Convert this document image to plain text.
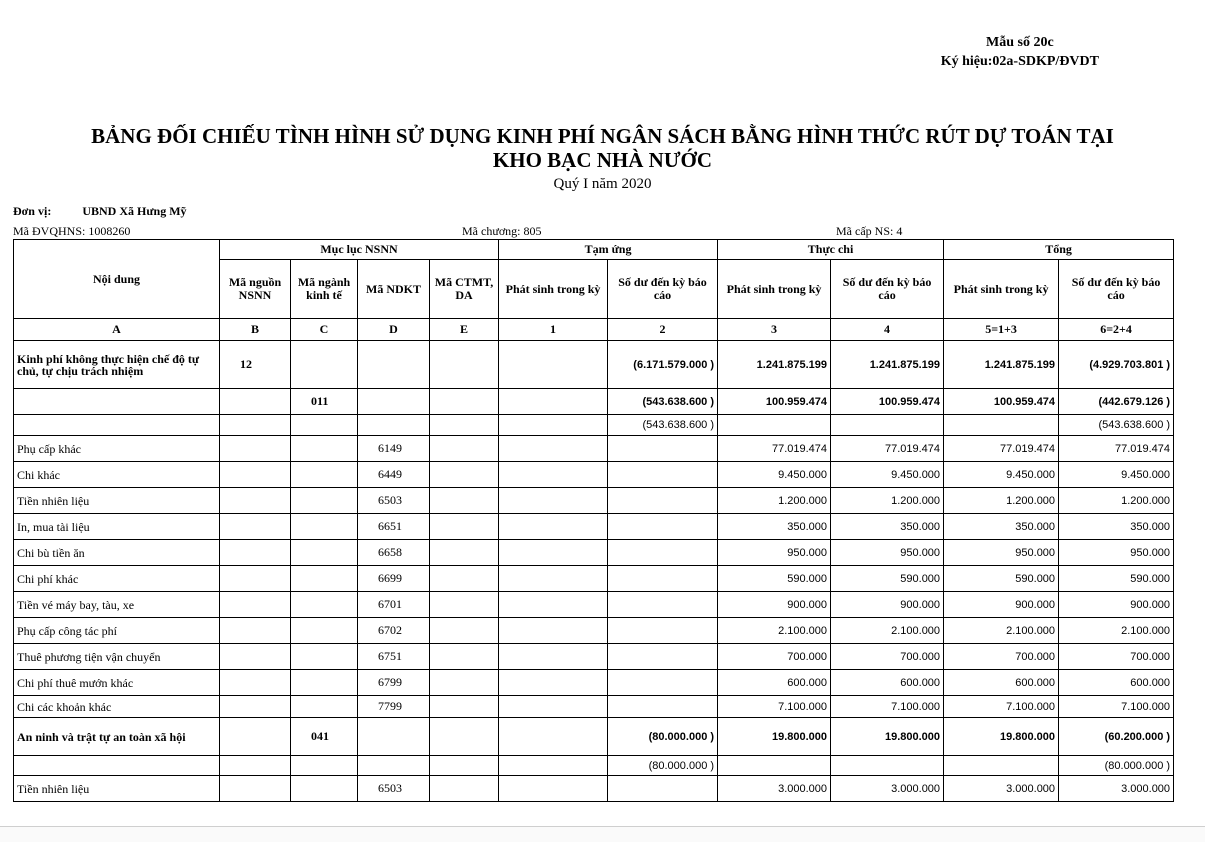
Mẫu số 20c
Ký hiệu:02a-SDKP/ĐVDT
BẢNG ĐỐI CHIẾU TÌNH HÌNH SỬ DỤNG KINH PHÍ NGÂN SÁCH BẰNG HÌNH THỨC RÚT DỰ TOÁN TẠI
KHO BẠC NHÀ NƯỚC
Quý I năm 2020
Đơn vị:	UBND Xã Hưng Mỹ
Mã ĐVQHNS: 1008260	Mã chương: 805	Mã cấp NS: 4
Nội dung	Mục lục NSNN				Tạm ứng		Thực chi		Tổng	
	Mã nguồn NSNN	Mã ngành kinh tế	Mã NDKT	Mã CTMT, DA	Phát sinh trong kỳ	Số dư đến kỳ báo cáo	Phát sinh trong kỳ	Số dư đến kỳ báo cáo	Phát sinh trong kỳ	Số dư đến kỳ báo cáo
A	B	C	D	E	1	2	3	4	5=1+3	6=2+4
Kinh phí không thực hiện chế độ tự chủ, tự chịu trách nhiệm	12					(6.171.579.000 )	1.241.875.199	1.241.875.199	1.241.875.199	(4.929.703.801 )
		011				(543.638.600 )	100.959.474	100.959.474	100.959.474	(442.679.126 )
						(543.638.600 )				(543.638.600 )
Phụ cấp khác			6149				77.019.474	77.019.474	77.019.474	77.019.474
Chi khác			6449				9.450.000	9.450.000	9.450.000	9.450.000
Tiền nhiên liệu			6503				1.200.000	1.200.000	1.200.000	1.200.000
In, mua tài liệu			6651				350.000	350.000	350.000	350.000
Chi bù tiền ăn			6658				950.000	950.000	950.000	950.000
Chi phí khác			6699				590.000	590.000	590.000	590.000
Tiền vé máy bay, tàu, xe			6701				900.000	900.000	900.000	900.000
Phụ cấp công tác phí			6702				2.100.000	2.100.000	2.100.000	2.100.000
Thuê phương tiện vận chuyển			6751				700.000	700.000	700.000	700.000
Chi phí thuê mướn khác			6799				600.000	600.000	600.000	600.000
Chi các khoản khác			7799				7.100.000	7.100.000	7.100.000	7.100.000
An ninh và trật tự an toàn xã hội		041				(80.000.000 )	19.800.000	19.800.000	19.800.000	(60.200.000 )
						(80.000.000 )				(80.000.000 )
Tiền nhiên liệu			6503				3.000.000	3.000.000	3.000.000	3.000.000
